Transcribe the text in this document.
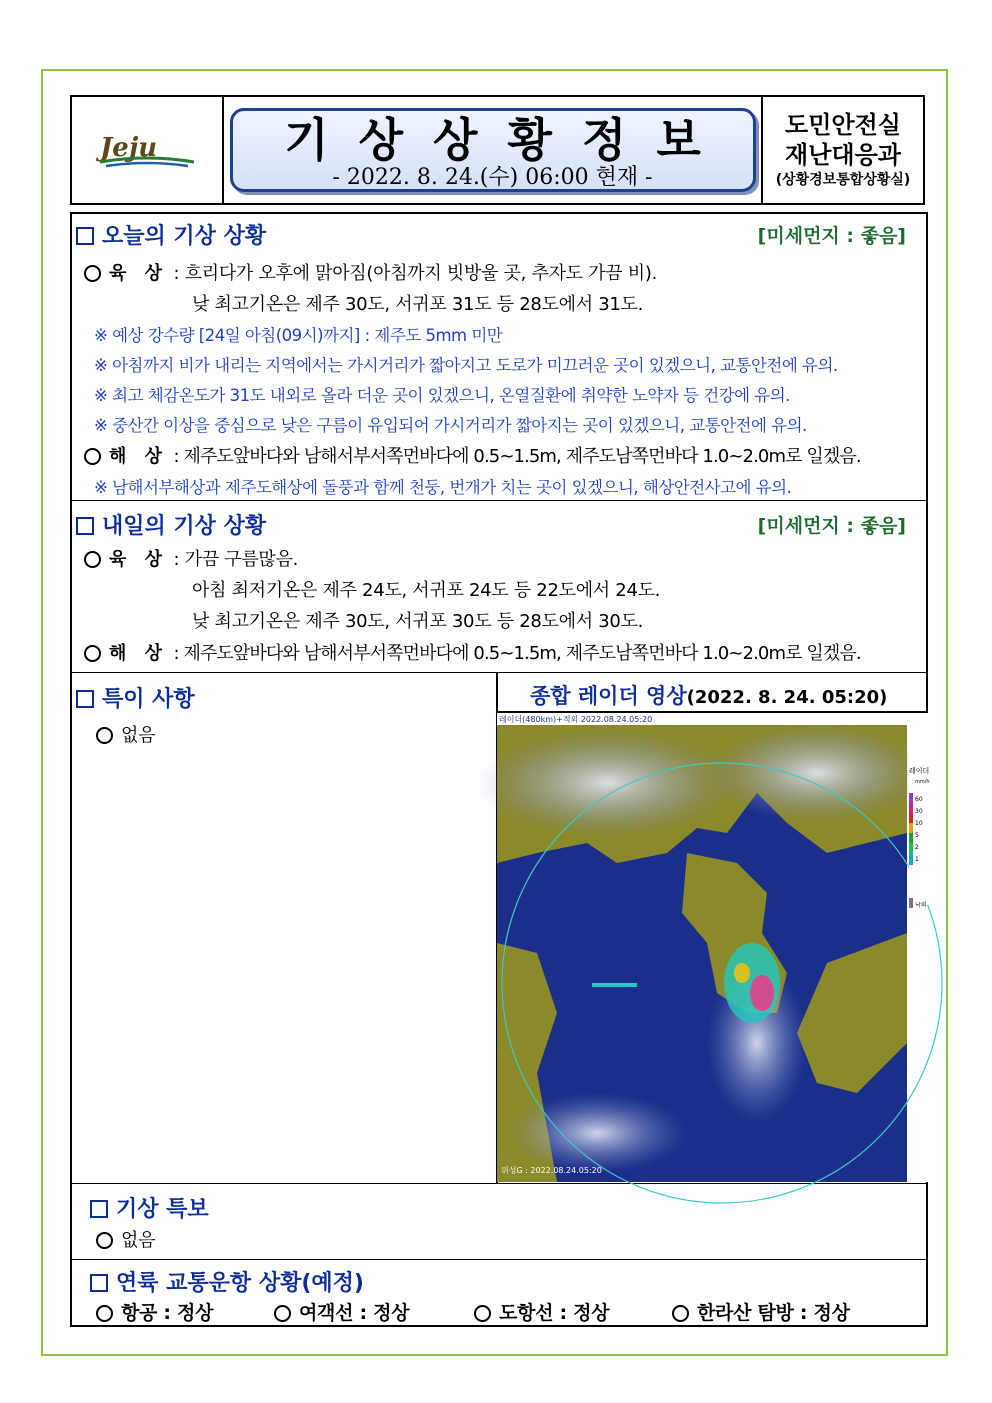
Jeju	기상상황정보
- 2022. 8. 24.(수) 06:00 현재 -
도민안전실
재난대응과
(상황경보통합상황실)
오늘의 기상 상황	[미세먼지 : 좋음]
육 상 : 흐리다가 오후에 맑아짐(아침까지 빗방울 곳, 추자도 가끔 비).
낮 최고기온은 제주 30도, 서귀포 31도 등 28도에서 31도.
※ 예상 강수량 [24일 아침(09시)까지] : 제주도 5mm 미만
※ 아침까지 비가 내리는 지역에서는 가시거리가 짧아지고 도로가 미끄러운 곳이 있겠으니, 교통안전에 유의.
※ 최고 체감온도가 31도 내외로 올라 더운 곳이 있겠으니, 온열질환에 취약한 노약자 등 건강에 유의.
※ 중산간 이상을 중심으로 낮은 구름이 유입되어 가시거리가 짧아지는 곳이 있겠으니, 교통안전에 유의.
해 상 : 제주도앞바다와 남해서부서쪽먼바다에 0.5~1.5m, 제주도남쪽먼바다 1.0~2.0m로 일겠음.
※ 남해서부해상과 제주도해상에 돌풍과 함께 천둥, 번개가 치는 곳이 있겠으니, 해상안전사고에 유의.
내일의 기상 상황	[미세먼지 : 좋음]
육 상 : 가끔 구름많음.
아침 최저기온은 제주 24도, 서귀포 24도 등 22도에서 24도.
낮 최고기온은 제주 30도, 서귀포 30도 등 28도에서 30도.
해 상 : 제주도앞바다와 남해서부서쪽먼바다에 0.5~1.5m, 제주도남쪽먼바다 1.0~2.0m로 일겠음.
특이 사항
없음
종합 레이더 영상(2022. 8. 24. 05:20)
레이더
mm/h
60
30
10
5
2
1
낙뢰
레이더(480km)+적외 2022.08.24.05:20
위성G : 2022.08.24.05:20
기상 특보
없음
연륙 교통운항 상황(예정)
항공 : 정상	여객선 : 정상	도항선 : 정상	한라산 탐방 : 정상
